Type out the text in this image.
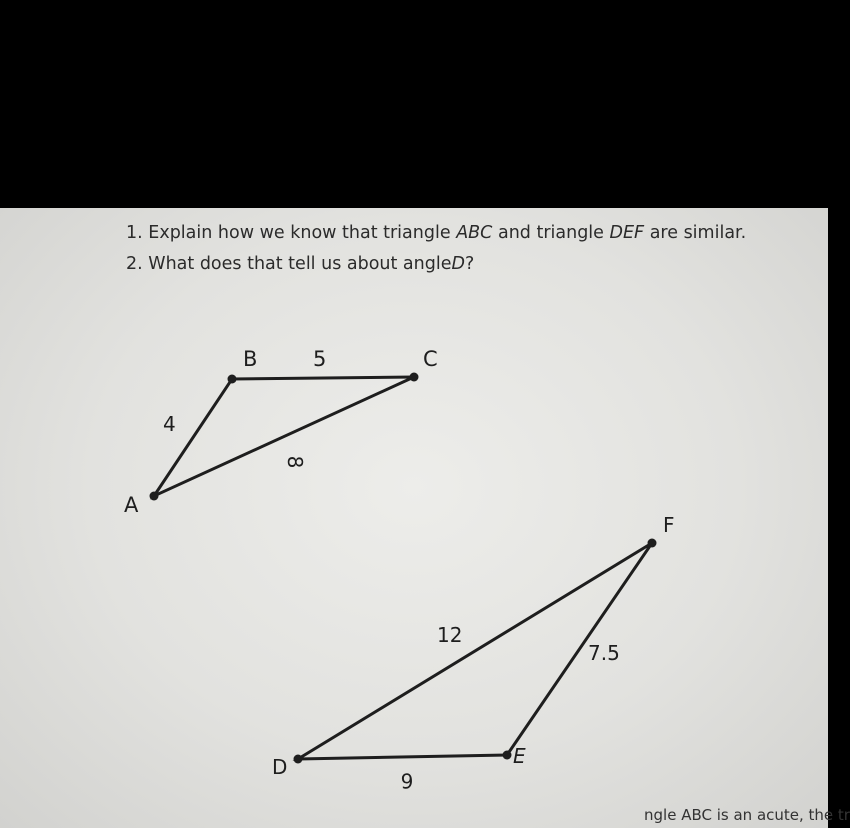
1. Explain how we know that triangle ABC and triangle DEF are similar.
2. What does that tell us about angleD?
A
B	C
4
5
8
D	E
F
12
7.5
6
ngle ABC is an acute, the tr
